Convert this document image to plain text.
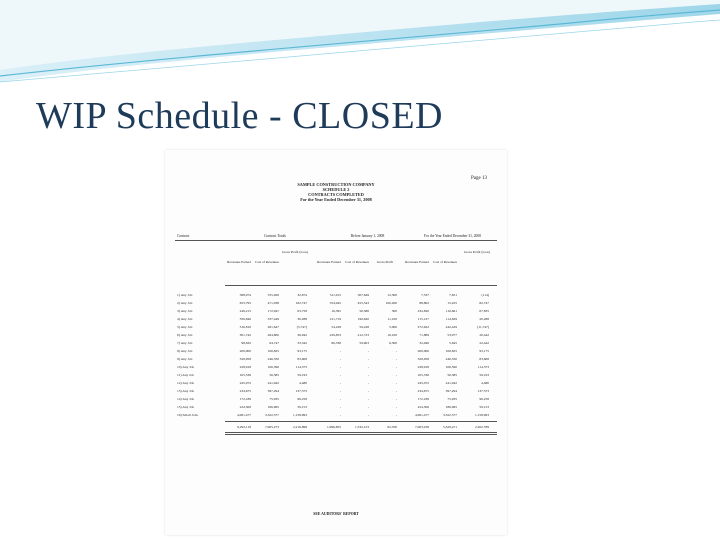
WIP Schedule - CLOSED
Page 13
SAMPLE CONSTRUCTION COMPANY
SCHEDULE 2
CONTRACTS COMPLETED
For the Year Ended December 31, 2008
Contract	Contract Totals	Before January 1, 2008	For the Year Ended December 31, 2008
Revenues Earned	Cost of Revenues
Gross Profit (Loss)
Revenues Earned	Cost of Revenues	Gross Profit	Revenues Earned	Cost of Revenues
Gross Profit (Loss)
1) Any Job	588,074	555,200	32,874	511,915	507,649	12,500	7,537	7,651	(114)
2) Any Job	653,795	471,038	182,747	554,945	455,543	100,200	88,802	15,455	82,747
3) Any Job	249,215	172,947	63,758	16,395	56,386	500	232,820	116,661	67,835
4) Any Job	356,846	337,449	30,288	211,719	199,620	11,100	115,127	114,829	20,288
5) Any Job	316,810	281,647	(5,747)	54,228	59,228	5,000	272,622	242,429	(11,747)
6) Any Job	301,742	264,800	36,942	229,853	212,723	16,100	71,889	53,077	20,442
7) Any Job	98,832	64,747	33,342	66,338	59,903	6,500	32,496	5,645	22,442
8) Any Job	200,000	106,825	93,175	-	-	-	200,000	106,825	93,175
9) Any Job	329,958	246,350	83,608	-	-	-	329,958	246,350	83,608
10) Any Job	228,918	106,590	114,373	-	-	-	228,918	106,590	114,373
11) Any Job	105,536	56,385	59,193	-	-	-	105,536	56,385	59,193
12) Any Job	245,072	241,942	4,480	-	-	-	245,072	241,942	4,480
13) Any Job	234,675	397,294	137,373	-	-	-	234,675	397,294	137,373
14) Any Job	172,189	75,935	96,258	-	-	-	172,189	75,935	96,258
15) Any Job	224,506	186,965	59,153	-	-	-	224,506	186,965	59,153
16) Small Jobs	4,061,477	3,322,377	1,158,993	-	-	-	4,061,477	3,322,377	1,158,993
9,292,118	7,005,273	2,216,898	1,996,855	1,532,153	62,700	7,003,258	5,329,471	2,202,789
SEE AUDITORS' REPORT
